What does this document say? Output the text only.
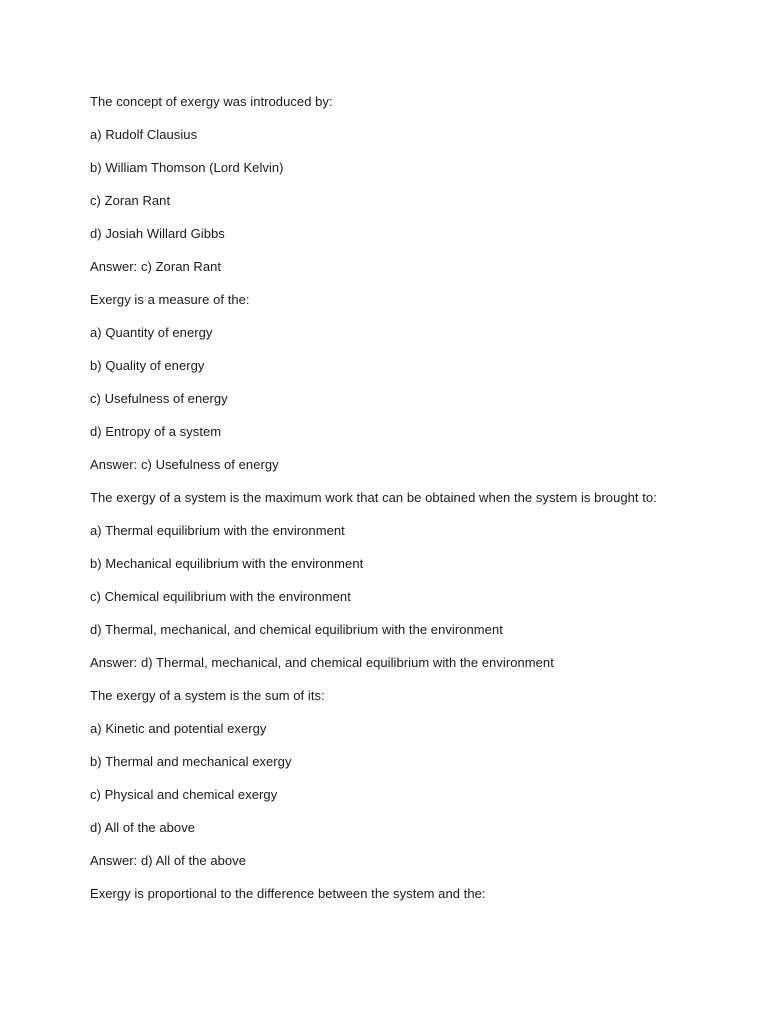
The concept of exergy was introduced by:
a) Rudolf Clausius
b) William Thomson (Lord Kelvin)
c) Zoran Rant
d) Josiah Willard Gibbs
Answer: c) Zoran Rant
Exergy is a measure of the:
a) Quantity of energy
b) Quality of energy
c) Usefulness of energy
d) Entropy of a system
Answer: c) Usefulness of energy
The exergy of a system is the maximum work that can be obtained when the system is brought to:
a) Thermal equilibrium with the environment
b) Mechanical equilibrium with the environment
c) Chemical equilibrium with the environment
d) Thermal, mechanical, and chemical equilibrium with the environment
Answer: d) Thermal, mechanical, and chemical equilibrium with the environment
The exergy of a system is the sum of its:
a) Kinetic and potential exergy
b) Thermal and mechanical exergy
c) Physical and chemical exergy
d) All of the above
Answer: d) All of the above
Exergy is proportional to the difference between the system and the:
